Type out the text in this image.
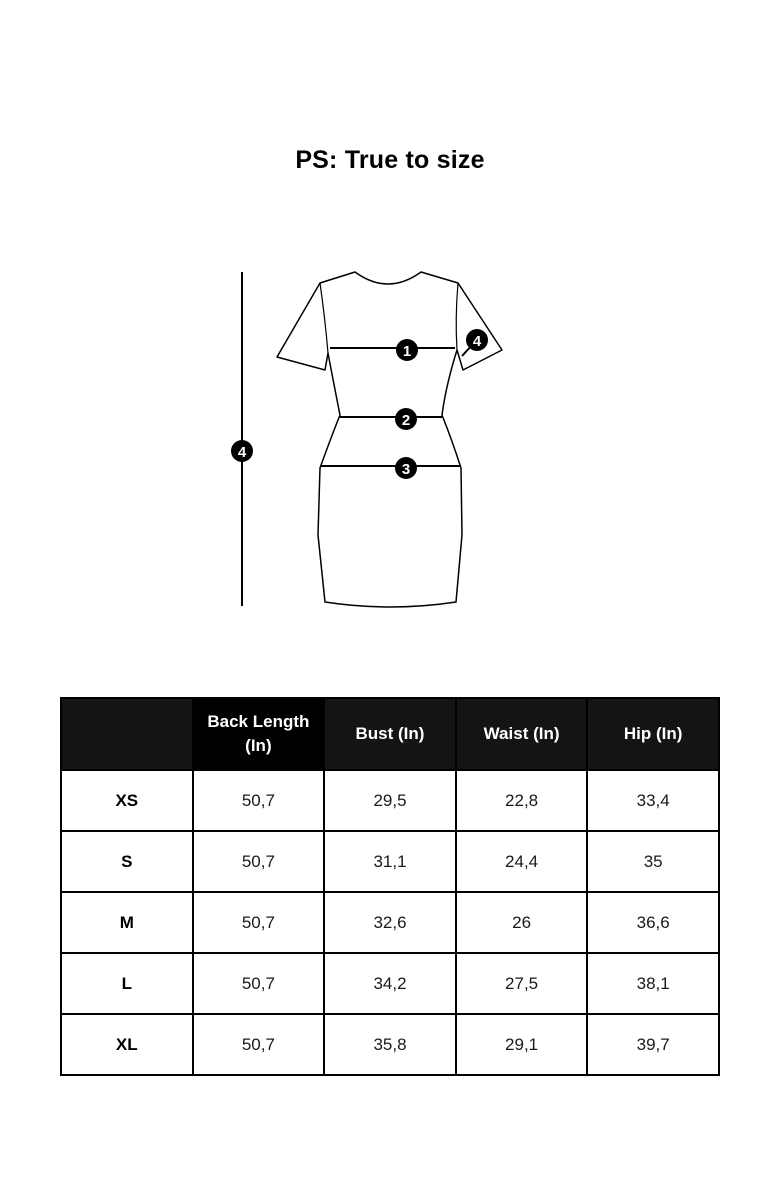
PS: True to size
1
2
3
4
4
	Back Length (In)	Bust (In)	Waist (In)	Hip (In)
XS	50,7	29,5	22,8	33,4
S	50,7	31,1	24,4	35
M	50,7	32,6	26	36,6
L	50,7	34,2	27,5	38,1
XL	50,7	35,8	29,1	39,7
